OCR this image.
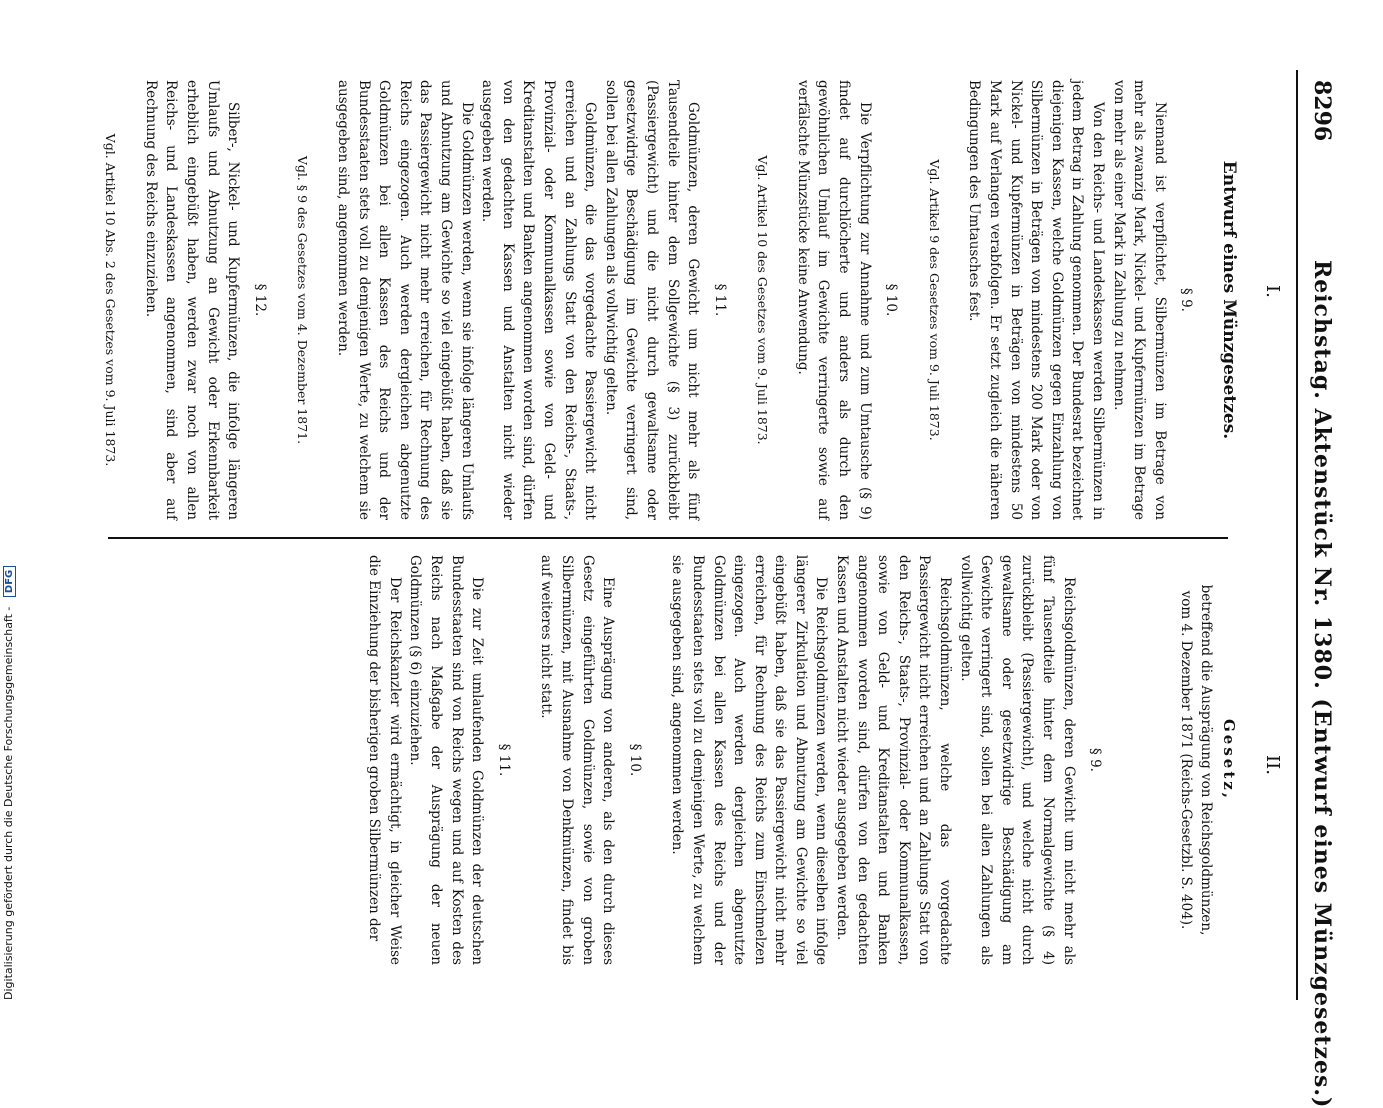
8296
Reichstag. Aktenstück Nr. 1380. (Entwurf eines Münzgesetzes.)
I.
II.

Entwurf eines Münzgesetzes.

§ 9.

Niemand ist verpflichtet, Silbermünzen im Betrage von mehr als zwanzig Mark, Nickel- und Kupfermünzen im Betrage von mehr als einer Mark in Zahlung zu nehmen.

Von den Reichs- und Landeskassen werden Silbermünzen in jedem Betrag in Zahlung genommen. Der Bundesrat bezeichnet diejenigen Kassen, welche Goldmünzen gegen Einzahlung von Silbermünzen in Beträgen von mindestens 200 Mark oder von Nickel- und Kupfermünzen in Beträgen von mindestens 50 Mark auf Verlangen verabfolgen. Er setzt zugleich die näheren Bedingungen des Umtausches fest.

Vgl. Artikel 9 des Gesetzes vom 9. Juli 1873.

§ 10.

Die Verpflichtung zur Annahme und zum Umtausche (§ 9) findet auf durchlöcherte und anders als durch den gewöhnlichen Umlauf im Gewichte verringerte sowie auf verfälschte Münzstücke keine Anwendung.

Vgl. Artikel 10 des Gesetzes vom 9. Juli 1873.

§ 11.

Goldmünzen, deren Gewicht um nicht mehr als fünf Tausendteile hinter dem Sollgewichte (§ 3) zurückbleibt (Passiergewicht) und die nicht durch gewaltsame oder gesetzwidrige Beschädigung im Gewichte verringert sind, sollen bei allen Zahlungen als vollwichtig gelten.

Goldmünzen, die das vorgedachte Passiergewicht nicht erreichen und an Zahlungs Statt von den Reichs-, Staats-, Provinzial- oder Kommunalkassen sowie von Geld- und Kreditanstalten und Banken angenommen worden sind, dürfen von den gedachten Kassen und Anstalten nicht wieder ausgegeben werden.

Die Goldmünzen werden, wenn sie infolge längeren Umlaufs und Abnutzung am Gewichte so viel eingebüßt haben, daß sie das Passiergewicht nicht mehr erreichen, für Rechnung des Reichs eingezogen. Auch werden dergleichen abgenutzte Goldmünzen bei allen Kassen des Reichs und der Bundesstaaten stets voll zu demjenigen Werte, zu welchem sie ausgegeben sind, angenommen werden.

Vgl. § 9 des Gesetzes vom 4. Dezember 1871.

§ 12.

Silber-, Nickel- und Kupfermünzen, die infolge längeren Umlaufs und Abnutzung an Gewicht oder Erkennbarkeit erheblich eingebüßt haben, werden zwar noch von allen Reichs- und Landeskassen angenommen, sind aber auf Rechnung des Reichs einzuziehen.

Vgl. Artikel 10 Abs. 2 des Gesetzes vom 9. Juli 1873.

Gesetz,

betreffend die Ausprägung von Reichsgoldmünzen,

vom 4. Dezember 1871 (Reichs-Gesetzbl. S. 404).

§ 9.

Reichsgoldmünzen, deren Gewicht um nicht mehr als fünf Tausendteile hinter dem Normalgewichte (§ 4) zurückbleibt (Passiergewicht), und welche nicht durch gewaltsame oder gesetzwidrige Beschädigung am Gewichte verringert sind, sollen bei allen Zahlungen als vollwichtig gelten.

Reichsgoldmünzen, welche das vorgedachte Passiergewicht nicht erreichen und an Zahlungs Statt von den Reichs-, Staats-, Provinzial- oder Kommunalkassen, sowie von Geld- und Kreditanstalten und Banken angenommen worden sind, dürfen von den gedachten Kassen und Anstalten nicht wieder ausgegeben werden.

Die Reichsgoldmünzen werden, wenn dieselben infolge längerer Zirkulation und Abnutzung am Gewichte so viel eingebüßt haben, daß sie das Passiergewicht nicht mehr erreichen, für Rechnung des Reichs zum Einschmelzen eingezogen. Auch werden dergleichen abgenutzte Goldmünzen bei allen Kassen des Reichs und der Bundesstaaten stets voll zu demjenigen Werte, zu welchem sie ausgegeben sind, angenommen werden.

§ 10.

Eine Ausprägung von anderen, als den durch dieses Gesetz eingeführten Goldmünzen, sowie von groben Silbermünzen, mit Ausnahme von Denkmünzen, findet bis auf weiteres nicht statt.

§ 11.

Die zur Zeit umlaufenden Goldmünzen der deutschen Bundesstaaten sind von Reichs wegen und auf Kosten des Reichs nach Maßgabe der Ausprägung der neuen Goldmünzen (§ 6) einzuziehen.

Der Reichskanzler wird ermächtigt, in gleicher Weise die Einziehung der bisherigen groben Silbermünzen der

Digitalisierung gefördert durch die Deutsche Forschungsgemeinschaft - DFG
